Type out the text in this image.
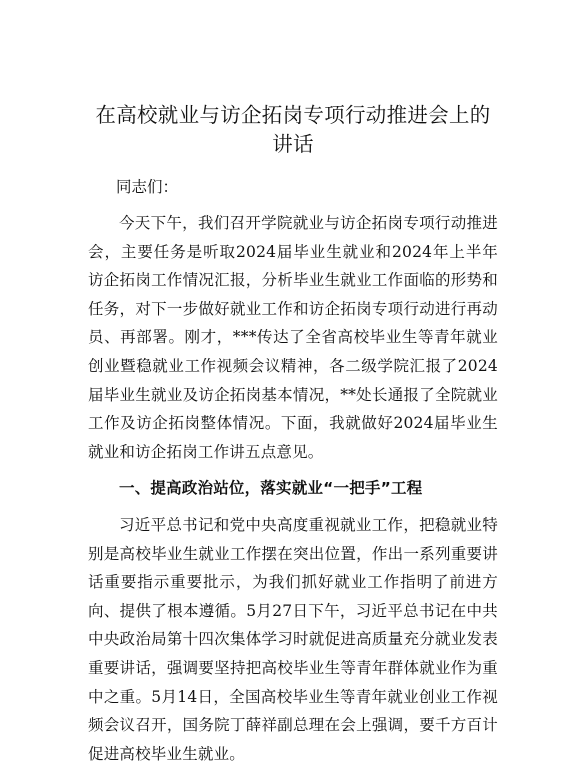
在高校就业与访企拓岗专项行动推进会上的讲话
同志们：
今天下午，我们召开学院就业与访企拓岗专项行动推进会，主要任务是听取2024届毕业生就业和2024年上半年访企拓岗工作情况汇报，分析毕业生就业工作面临的形势和任务，对下一步做好就业工作和访企拓岗专项行动进行再动员、再部署。刚才，***传达了全省高校毕业生等青年就业创业暨稳就业工作视频会议精神，各二级学院汇报了2024届毕业生就业及访企拓岗基本情况，**处长通报了全院就业工作及访企拓岗整体情况。下面，我就做好2024届毕业生就业和访企拓岗工作讲五点意见。
一、提高政治站位，落实就业“一把手”工程
习近平总书记和党中央高度重视就业工作，把稳就业特别是高校毕业生就业工作摆在突出位置，作出一系列重要讲话重要指示重要批示，为我们抓好就业工作指明了前进方向、提供了根本遵循。5月27日下午，习近平总书记在中共中央政治局第十四次集体学习时就促进高质量充分就业发表重要讲话，强调要坚持把高校毕业生等青年群体就业作为重中之重。5月14日，全国高校毕业生等青年就业创业工作视频会议召开，国务院丁薛祥副总理在会上强调，要千方百计促进高校毕业生就业。
